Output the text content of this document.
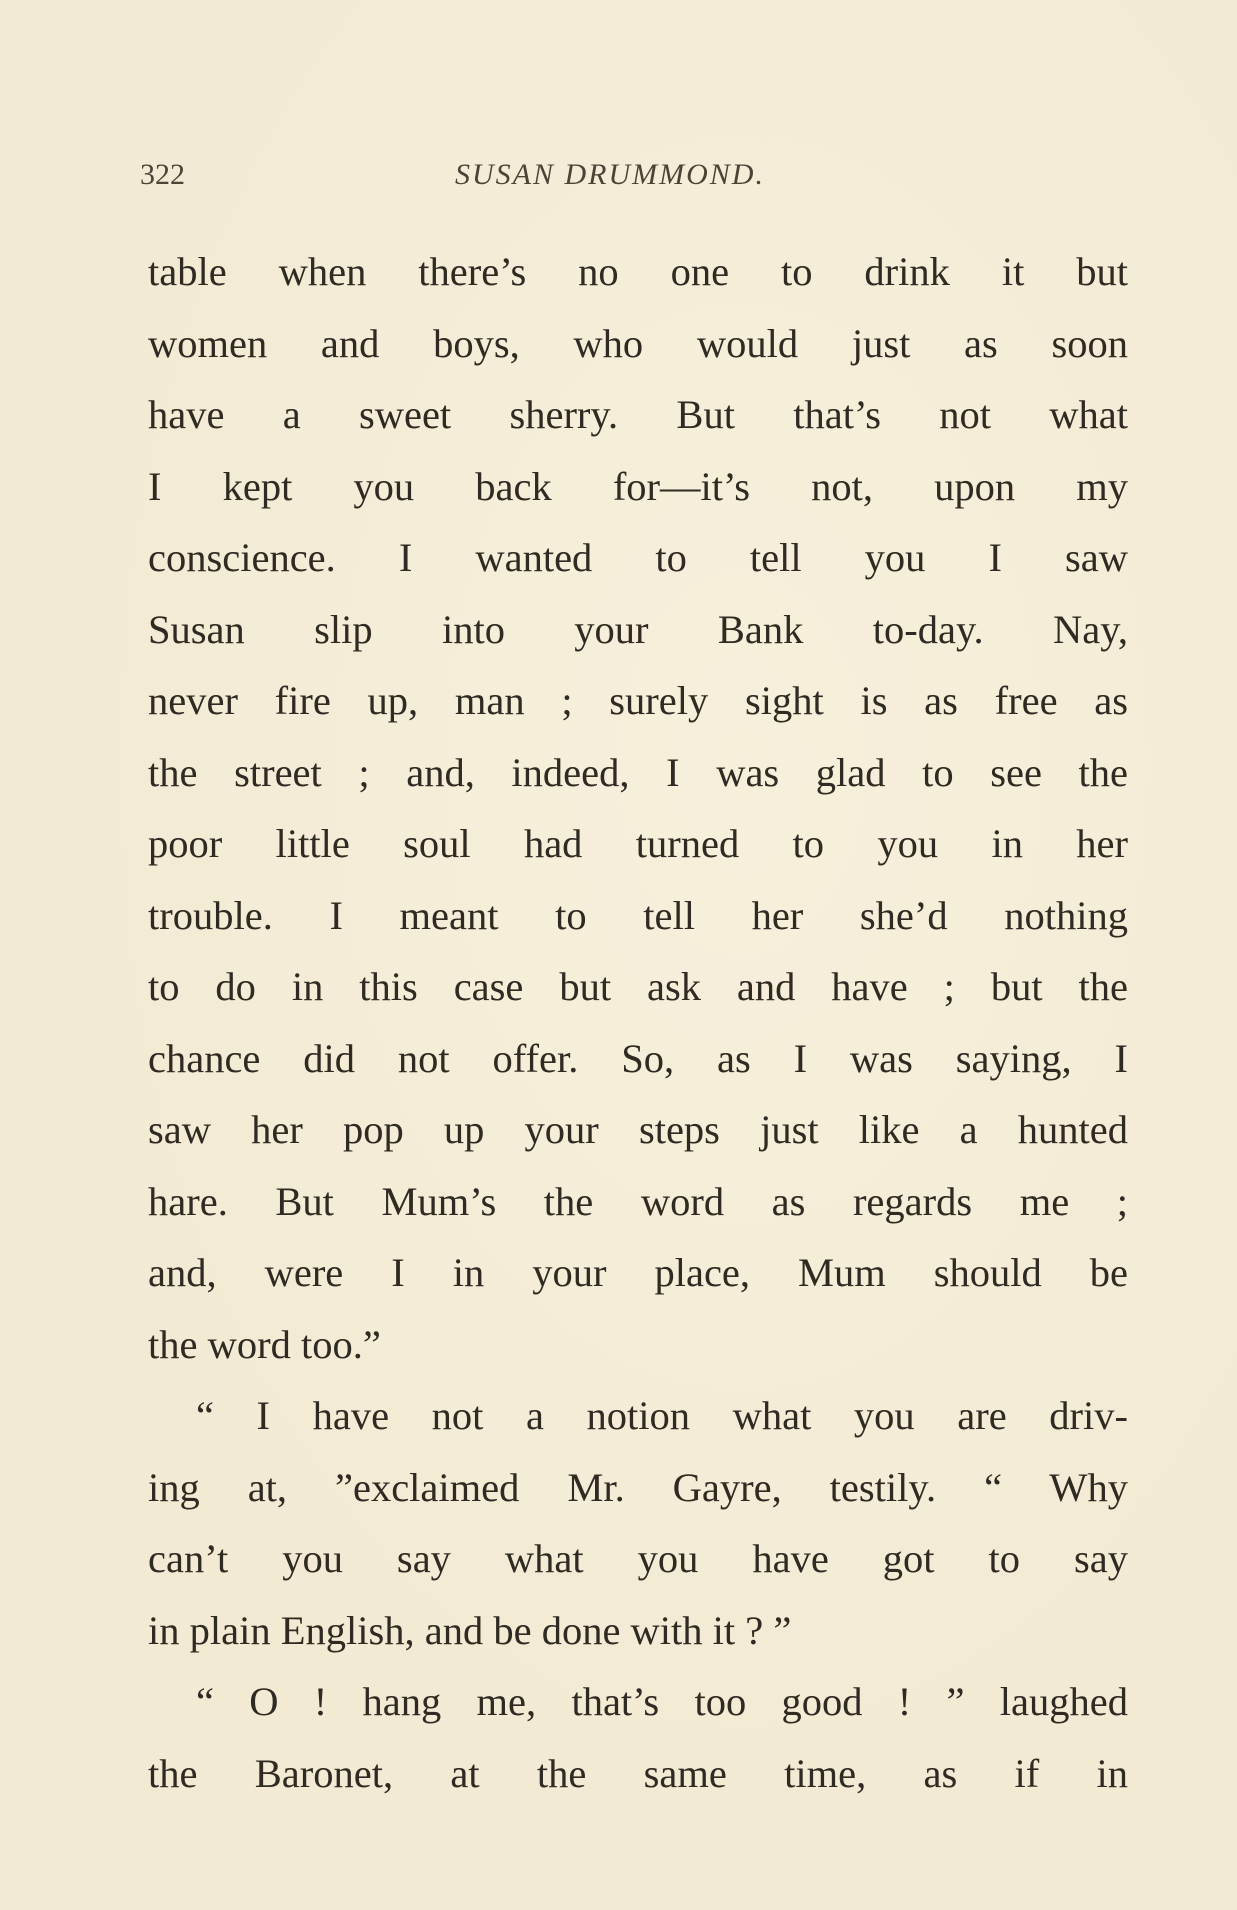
322	SUSAN DRUMMOND.
table when there’s no one to drink it but
women and boys, who would just as soon
have a sweet sherry. But that’s not what
I kept you back for—it’s not, upon my
conscience. I wanted to tell you I saw
Susan slip into your Bank to-day. Nay,
never fire up, man ; surely sight is as free as
the street ; and, indeed, I was glad to see the
poor little soul had turned to you in her
trouble. I meant to tell her she’d nothing
to do in this case but ask and have ; but the
chance did not offer. So, as I was saying, I
saw her pop up your steps just like a hunted
hare. But Mum’s the word as regards me ;
and, were I in your place, Mum should be
the word too.”
“ I have not a notion what you are driv-
ing at, ”exclaimed Mr. Gayre, testily. “ Why
can’t you say what you have got to say
in plain English, and be done with it ? ”
“ O ! hang me, that’s too good ! ” laughed
the Baronet, at the same time, as if in
